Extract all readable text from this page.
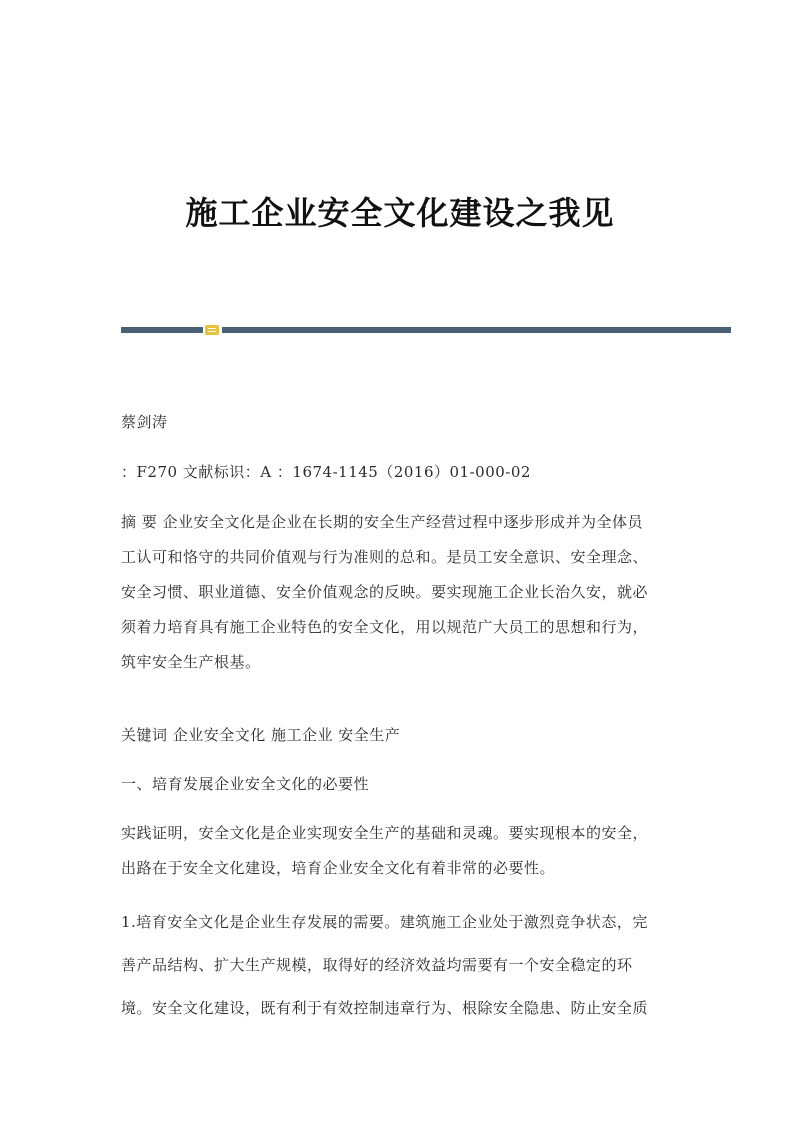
施工企业安全文化建设之我见
蔡剑涛
：F270 文献标识：A ：1674-1145（2016）01-000-02
摘 要 企业安全文化是企业在长期的安全生产经营过程中逐步形成并为全体员
工认可和恪守的共同价值观与行为准则的总和。是员工安全意识、安全理念、
安全习惯、职业道德、安全价值观念的反映。要实现施工企业长治久安，就必
须着力培育具有施工企业特色的安全文化，用以规范广大员工的思想和行为，
筑牢安全生产根基。
关键词 企业安全文化 施工企业 安全生产
一、培育发展企业安全文化的必要性
实践证明，安全文化是企业实现安全生产的基础和灵魂。要实现根本的安全，
出路在于安全文化建设，培育企业安全文化有着非常的必要性。
1.培育安全文化是企业生存发展的需要。建筑施工企业处于激烈竞争状态，完
善产品结构、扩大生产规模，取得好的经济效益均需要有一个安全稳定的环
境。安全文化建设，既有利于有效控制违章行为、根除安全隐患、防止安全质
